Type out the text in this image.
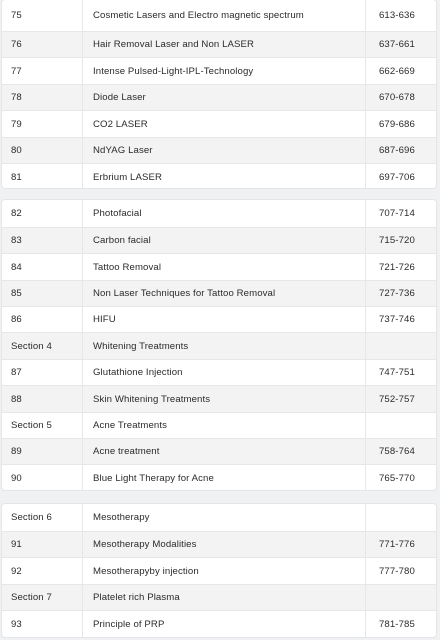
75	Cosmetic Lasers and Electro magnetic spectrum	613-636
76	Hair Removal Laser and Non LASER	637-661
77	Intense Pulsed-Light-IPL-Technology	662-669
78	Diode Laser	670-678
79	CO2 LASER	679-686
80	NdYAG Laser	687-696
81	Erbrium LASER	697-706
82	Photofacial	707-714
83	Carbon facial	715-720
84	Tattoo Removal	721-726
85	Non Laser Techniques for Tattoo Removal	727-736
86	HIFU	737-746
Section 4	Whitening Treatments
87	Glutathione Injection	747-751
88	Skin Whitening Treatments	752-757
Section 5	Acne Treatments
89	Acne treatment	758-764
90	Blue Light Therapy for Acne	765-770
Section 6	Mesotherapy
91	Mesotherapy Modalities	771-776
92	Mesotherapyby injection	777-780
Section 7	Platelet rich Plasma
93	Principle of PRP	781-785
